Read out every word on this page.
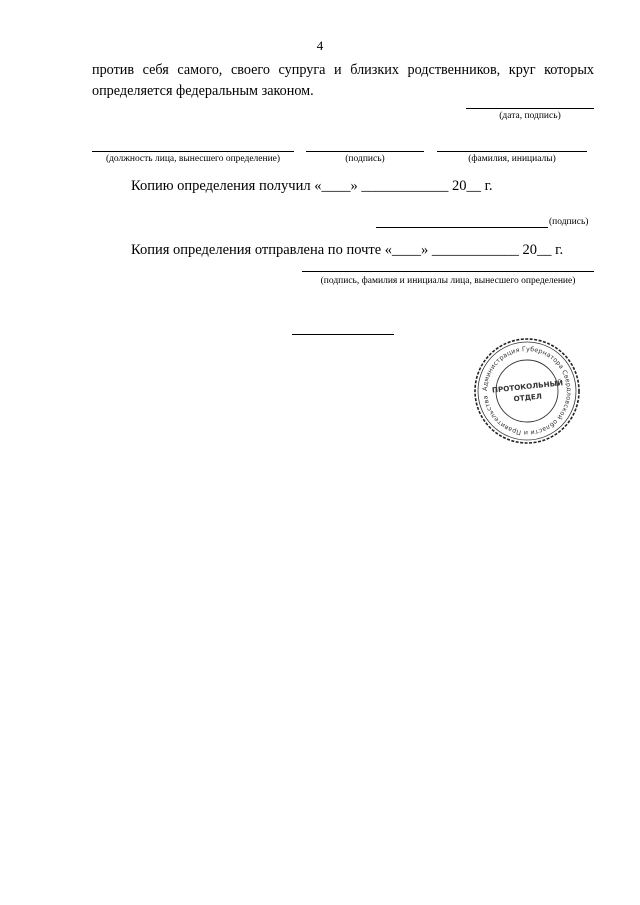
4
против себя самого, своего супруга и близких родственников, круг которых
определяется федеральным законом.
(дата, подпись)
(должность лица, вынесшего определение)	(подпись)	(фамилия, инициалы)
Копию определения получил «____» ____________ 20__ г.
(подпись)
Копия определения отправлена по почте «____» ____________ 20__ г.
(подпись, фамилия и инициалы лица, вынесшего определение)
Администрация Губернатора Свердловской области и Правительства
ПРОТОКОЛЬНЫЙ
ОТДЕЛ
